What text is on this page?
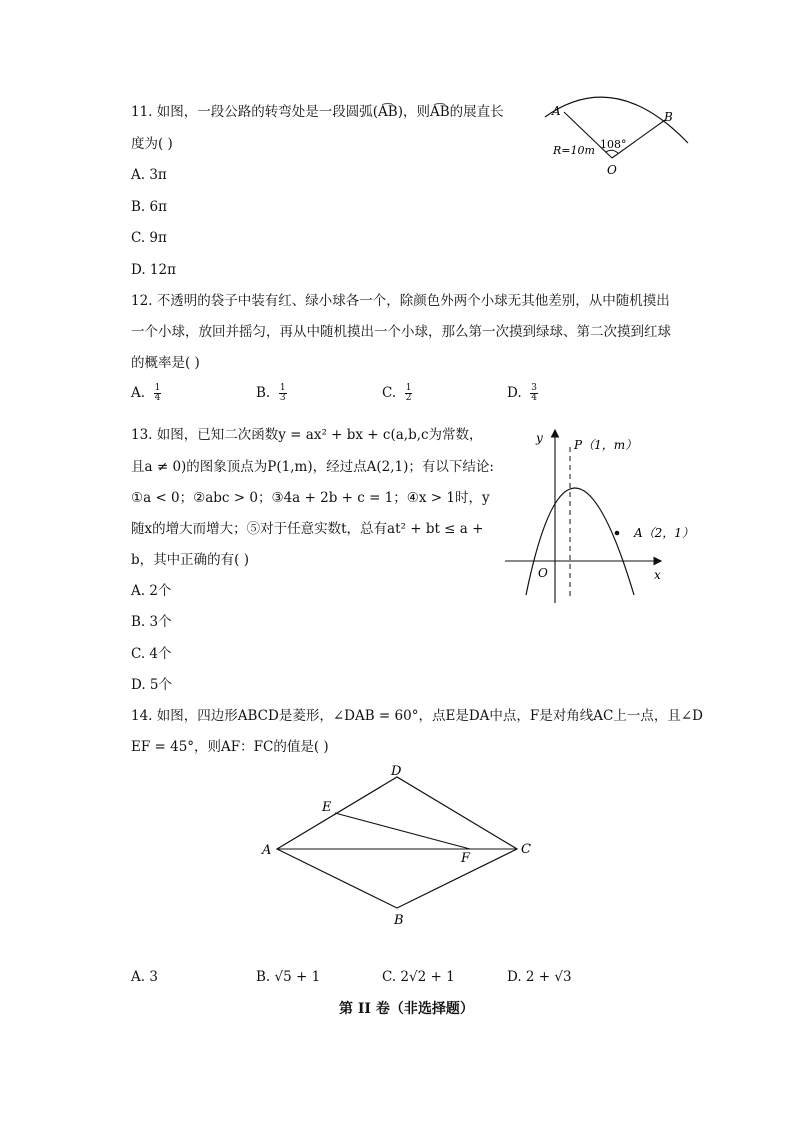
11. 如图，一段公路的转弯处是一段圆弧(A͡B)，则A͡B的展直长
度为( )
A. 3π
B. 6π
C. 9π
D. 12π
A	B
O
108°
R=10m
12. 不透明的袋子中装有红、绿小球各一个，除颜色外两个小球无其他差别，从中随机摸出
一个小球，放回并摇匀，再从中随机摸出一个小球，那么第一次摸到绿球、第二次摸到红球
的概率是( )
A. $\frac{1}{4}$	B. $\frac{1}{3}$	C. $\frac{1}{2}$	D. $\frac{3}{4}$
13. 如图，已知二次函数y = ax² + bx + c(a,b,c为常数，
且a ≠ 0)的图象顶点为P(1,m)，经过点A(2,1)；有以下结论:
①a < 0；②abc > 0；③4a + 2b + c = 1；④x > 1时，y
随x的增大而增大；⑤对于任意实数t，总有at² + bt ≤ a +
b，其中正确的有( )
A. 2个
B. 3个
C. 4个
D. 5个
y
x
O
P（1，m）
A（2，1）
14. 如图，四边形ABCD是菱形，∠DAB = 60°，点E是DA中点，F是对角线AC上一点，且∠D
EF = 45°，则AF：FC的值是( )
A
B
C
D
E
F
A. 3	B. √5 + 1	C. 2√2 + 1	D. 2 + √3
第 II 卷（非选择题）
